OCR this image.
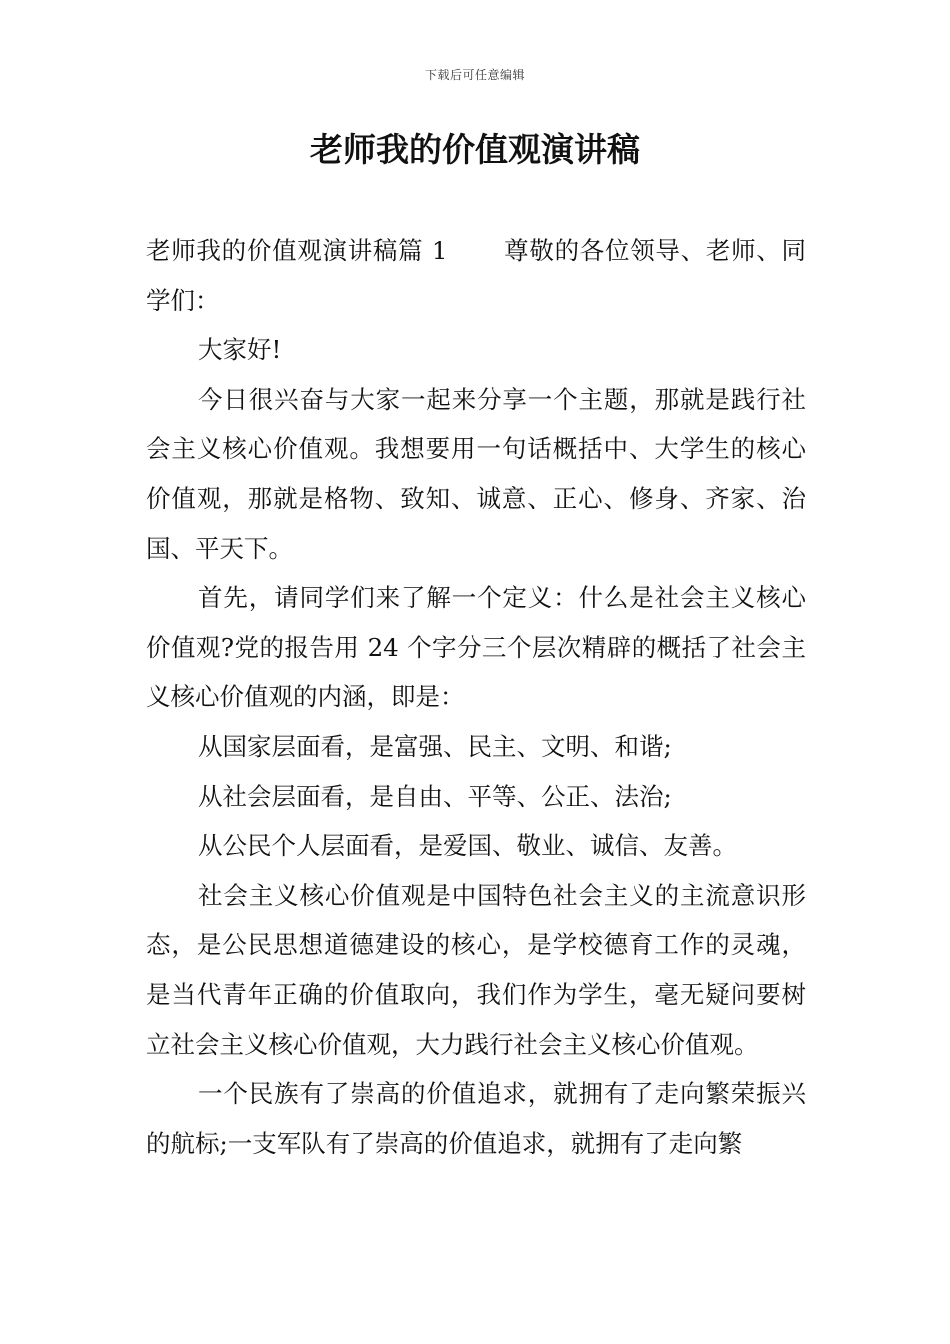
下载后可任意编辑
老师我的价值观演讲稿

老师我的价值观演讲稿篇 1 尊敬的各位领导、老师、同学们：

大家好!

今日很兴奋与大家一起来分享一个主题，那就是践行社会主义核心价值观。我想要用一句话概括中、大学生的核心价值观，那就是格物、致知、诚意、正心、修身、齐家、治国、平天下。

首先，请同学们来了解一个定义：什么是社会主义核心价值观?党的报告用 24 个字分三个层次精辟的概括了社会主义核心价值观的内涵，即是：

从国家层面看，是富强、民主、文明、和谐;

从社会层面看，是自由、平等、公正、法治;

从公民个人层面看，是爱国、敬业、诚信、友善。

社会主义核心价值观是中国特色社会主义的主流意识形态，是公民思想道德建设的核心，是学校德育工作的灵魂，是当代青年正确的价值取向，我们作为学生，毫无疑问要树立社会主义核心价值观，大力践行社会主义核心价值观。

一个民族有了崇高的价值追求，就拥有了走向繁荣振兴的航标;一支军队有了崇高的价值追求，就拥有了走向繁
